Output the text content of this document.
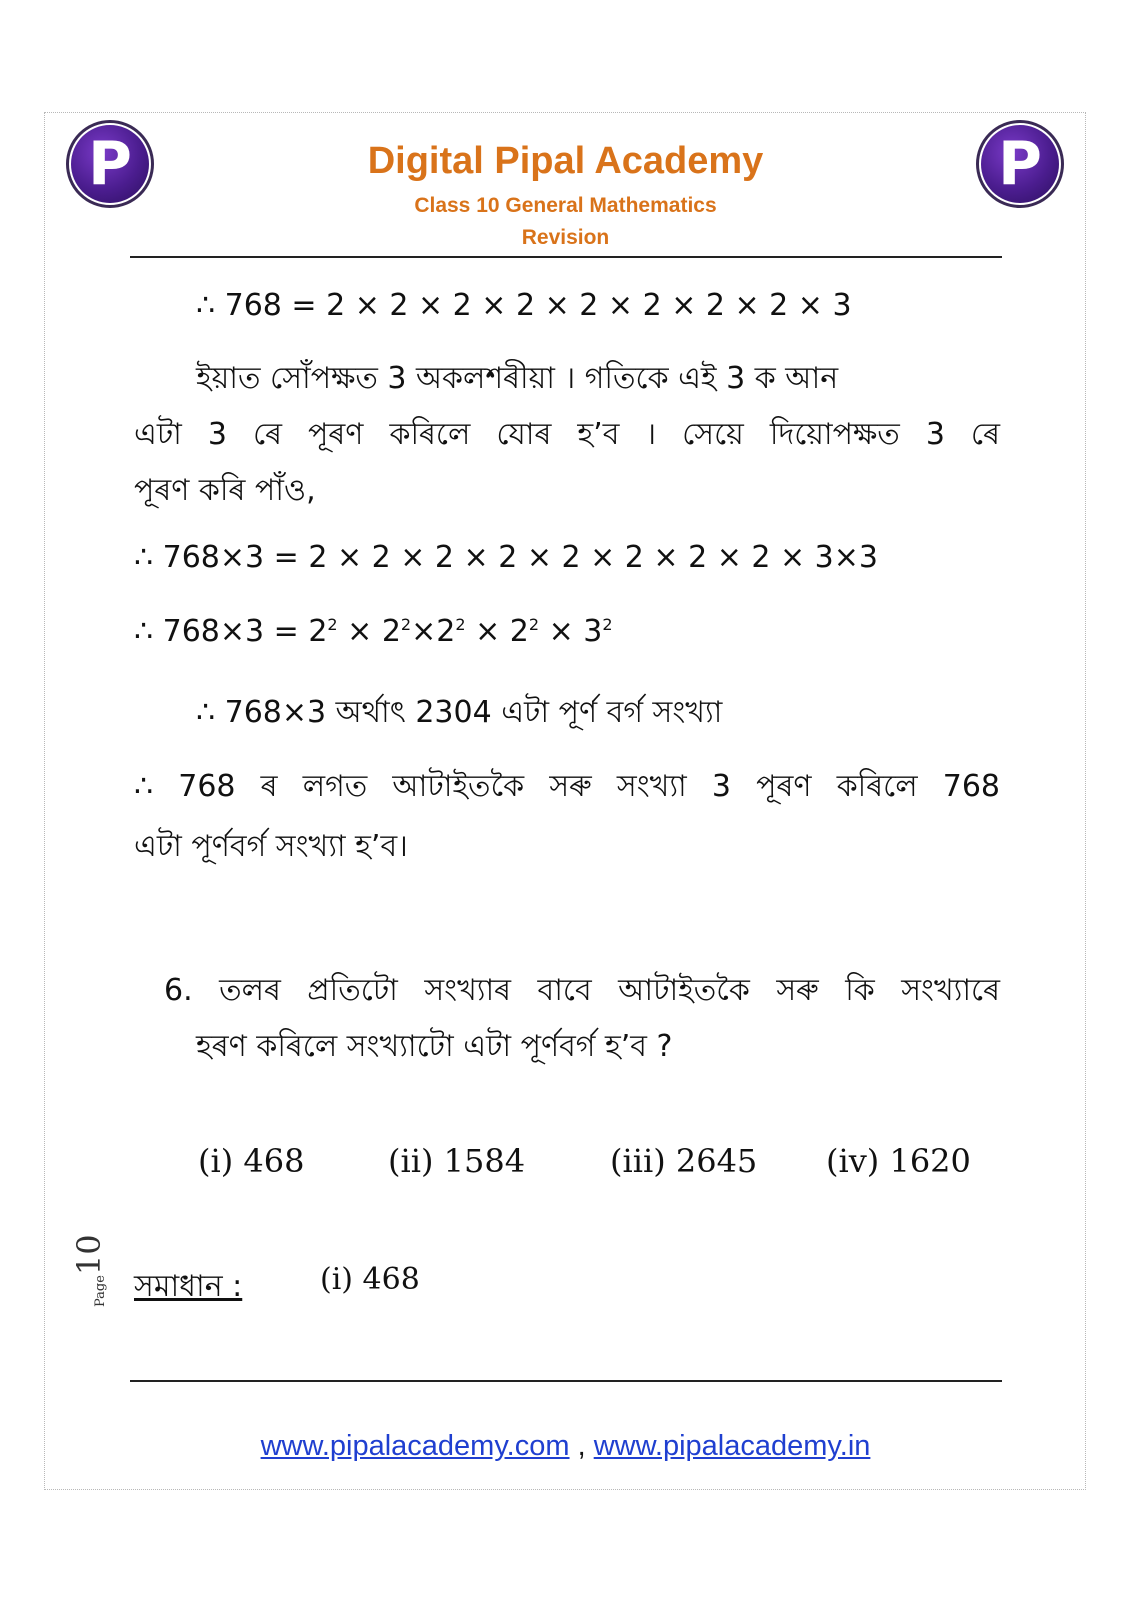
P	P
Digital Pipal Academy
Class 10 General Mathematics
Revision
∴ 768 = 2 × 2 × 2 × 2 × 2 × 2 × 2 × 2 × 3
ইয়াত সোঁপক্ষত 3 অকলশৰীয়া । গতিকে এই 3 ক আন
এটা 3 ৰে পূৰণ কৰিলে যোৰ হ’ব । সেয়ে দিয়োপক্ষত 3 ৰে
পূৰণ কৰি পাঁও,
∴ 768×3 = 2 × 2 × 2 × 2 × 2 × 2 × 2 × 2 × 3×3
∴ $768\times 3 = 2^2 \times 2^2\times 2^2 \times 2^2 \times 3^2$
∴ 768×3 অৰ্থাৎ 2304 এটা পূৰ্ণ বৰ্গ সংখ্যা
∴ 768 ৰ লগত আটাইতকৈ সৰু সংখ্যা 3 পূৰণ কৰিলে 768
এটা পূৰ্ণবৰ্গ সংখ্যা হ’ব।
6. তলৰ প্ৰতিটো সংখ্যাৰ বাবে আটাইতকৈ সৰু কি সংখ্যাৰে
হৰণ কৰিলে সংখ্যাটো এটা পূৰ্ণবৰ্গ হ’ব ?
(i) 468	(ii) 1584	(iii) 2645 (iv) 1620
সমাধান :	(i) 468
Page10
www.pipalacademy.com , www.pipalacademy.in
